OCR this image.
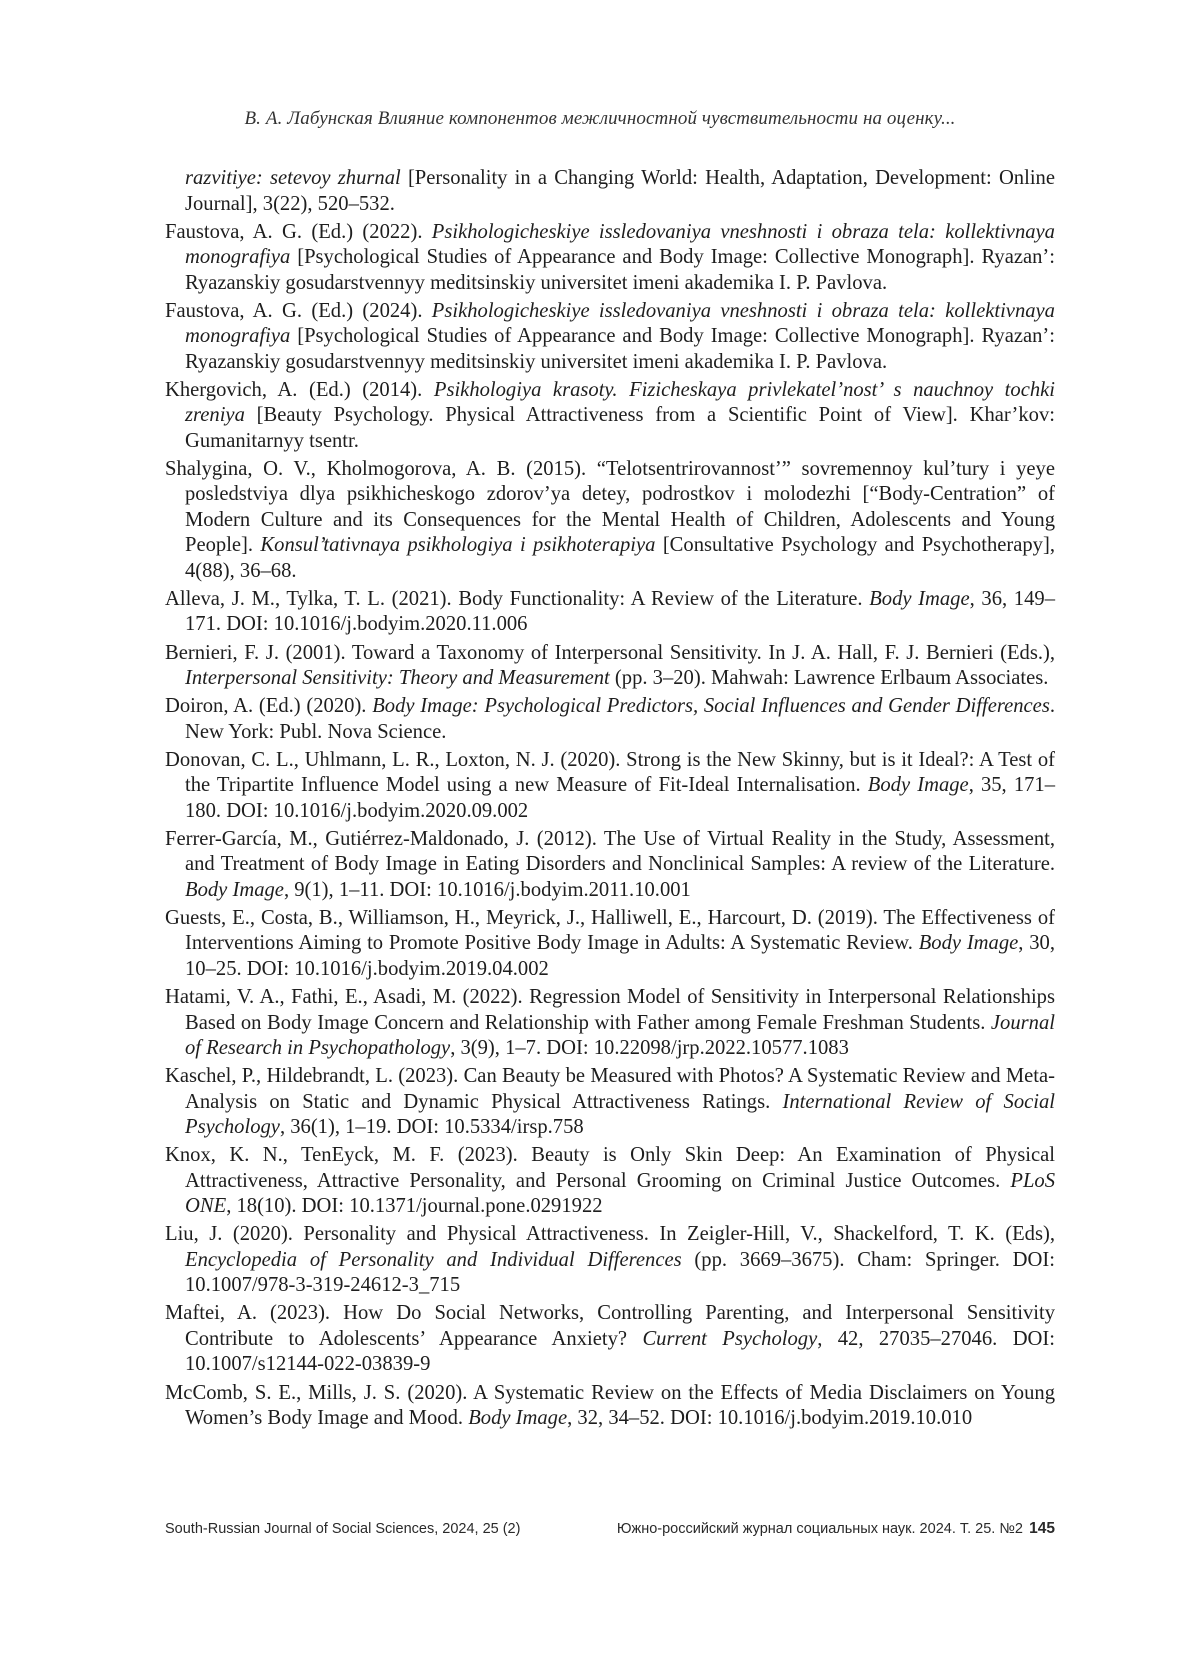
В. А. Лабунская Влияние компонентов межличностной чувствительности на оценку...

razvitiye: setevoy zhurnal [Personality in a Changing World: Health, Adaptation, Development: Online Journal], 3(22), 520–532.

Faustova, A. G. (Ed.) (2022). Psikhologicheskiye issledovaniya vneshnosti i obraza tela: kollektivnaya monografiya [Psychological Studies of Appearance and Body Image: Collective Monograph]. Ryazan’: Ryazanskiy gosudarstvennyy meditsinskiy universitet imeni akademika I. P. Pavlova.

Faustova, A. G. (Ed.) (2024). Psikhologicheskiye issledovaniya vneshnosti i obraza tela: kollektivnaya monografiya [Psychological Studies of Appearance and Body Image: Collective Monograph]. Ryazan’: Ryazanskiy gosudarstvennyy meditsinskiy universitet imeni akademika I. P. Pavlova.

Khergovich, A. (Ed.) (2014). Psikhologiya krasoty. Fizicheskaya privlekatel’nost’ s nauchnoy tochki zreniya [Beauty Psychology. Physical Attractiveness from a Scientific Point of View]. Khar’kov: Gumanitarnyy tsentr.

Shalygina, O. V., Kholmogorova, A. B. (2015). “Telotsentrirovannost’” sovremennoy kul’tury i yeye posledstviya dlya psikhicheskogo zdorov’ya detey, podrostkov i molodezhi [“Body-Centration” of Modern Culture and its Consequences for the Mental Health of Children, Adolescents and Young People]. Konsul’tativnaya psikhologiya i psikhoterapiya [Consultative Psychology and Psychotherapy], 4(88), 36–68.

Alleva, J. M., Tylka, T. L. (2021). Body Functionality: A Review of the Literature. Body Image, 36, 149–171. DOI: 10.1016/j.bodyim.2020.11.006

Bernieri, F. J. (2001). Toward a Taxonomy of Interpersonal Sensitivity. In J. A. Hall, F. J. Bernieri (Eds.), Interpersonal Sensitivity: Theory and Measurement (pp. 3–20). Mahwah: Lawrence Erlbaum Associates.

Doiron, A. (Ed.) (2020). Body Image: Psychological Predictors, Social Influences and Gender Differences. New York: Publ. Nova Science.

Donovan, C. L., Uhlmann, L. R., Loxton, N. J. (2020). Strong is the New Skinny, but is it Ideal?: A Test of the Tripartite Influence Model using a new Measure of Fit-Ideal Internalisation. Body Image, 35, 171–180. DOI: 10.1016/j.bodyim.2020.09.002

Ferrer-García, M., Gutiérrez-Maldonado, J. (2012). The Use of Virtual Reality in the Study, Assessment, and Treatment of Body Image in Eating Disorders and Nonclinical Samples: A review of the Literature. Body Image, 9(1), 1–11. DOI: 10.1016/j.bodyim.2011.10.001

Guests, E., Costa, B., Williamson, H., Meyrick, J., Halliwell, E., Harcourt, D. (2019). The Effectiveness of Interventions Aiming to Promote Positive Body Image in Adults: A Systematic Review. Body Image, 30, 10–25. DOI: 10.1016/j.bodyim.2019.04.002

Hatami, V. A., Fathi, E., Asadi, M. (2022). Regression Model of Sensitivity in Interpersonal Relationships Based on Body Image Concern and Relationship with Father among Female Freshman Students. Journal of Research in Psychopathology, 3(9), 1–7. DOI: 10.22098/jrp.2022.10577.1083

Kaschel, P., Hildebrandt, L. (2023). Can Beauty be Measured with Photos? A Systematic Review and Meta-Analysis on Static and Dynamic Physical Attractiveness Ratings. International Review of Social Psychology, 36(1), 1–19. DOI: 10.5334/irsp.758

Knox, K. N., TenEyck, M. F. (2023). Beauty is Only Skin Deep: An Examination of Physical Attractiveness, Attractive Personality, and Personal Grooming on Criminal Justice Outcomes. PLoS ONE, 18(10). DOI: 10.1371/journal.pone.0291922

Liu, J. (2020). Personality and Physical Attractiveness. In Zeigler-Hill, V., Shackelford, T. K. (Eds), Encyclopedia of Personality and Individual Differences (pp. 3669–3675). Cham: Springer. DOI: 10.1007/978-3-319-24612-3_715

Maftei, A. (2023). How Do Social Networks, Controlling Parenting, and Interpersonal Sensitivity Contribute to Adolescents’ Appearance Anxiety? Current Psychology, 42, 27035–27046. DOI: 10.1007/s12144-022-03839-9

McComb, S. E., Mills, J. S. (2020). A Systematic Review on the Effects of Media Disclaimers on Young Women’s Body Image and Mood. Body Image, 32, 34–52. DOI: 10.1016/j.bodyim.2019.10.010

South-Russian Journal of Social Sciences, 2024, 25 (2)	Южно-российский журнал социальных наук. 2024. Т. 25. №2 145
